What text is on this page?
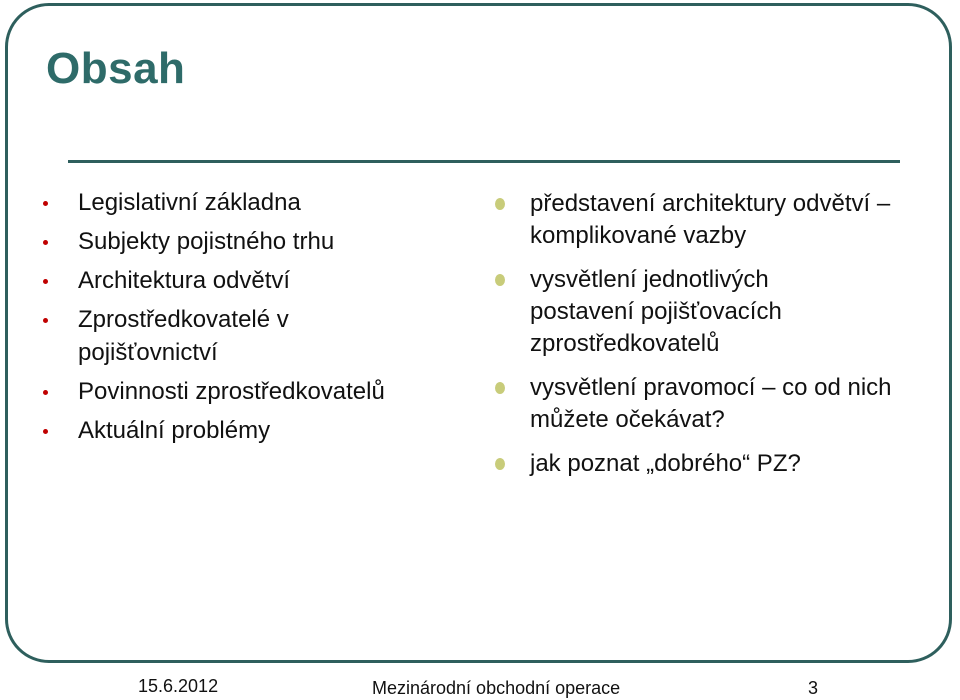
Obsah
Legislativní základna
Subjekty pojistného trhu
Architektura odvětví
Zprostředkovatelé v pojišťovnictví
Povinnosti zprostředkovatelů
Aktuální problémy
představení architektury odvětví – komplikované vazby
vysvětlení jednotlivých postavení pojišťovacích zprostředkovatelů
vysvětlení pravomocí – co od nich můžete očekávat?
jak poznat „dobrého“ PZ?
15.6.2012	Mezinárodní obchodní operace	3
